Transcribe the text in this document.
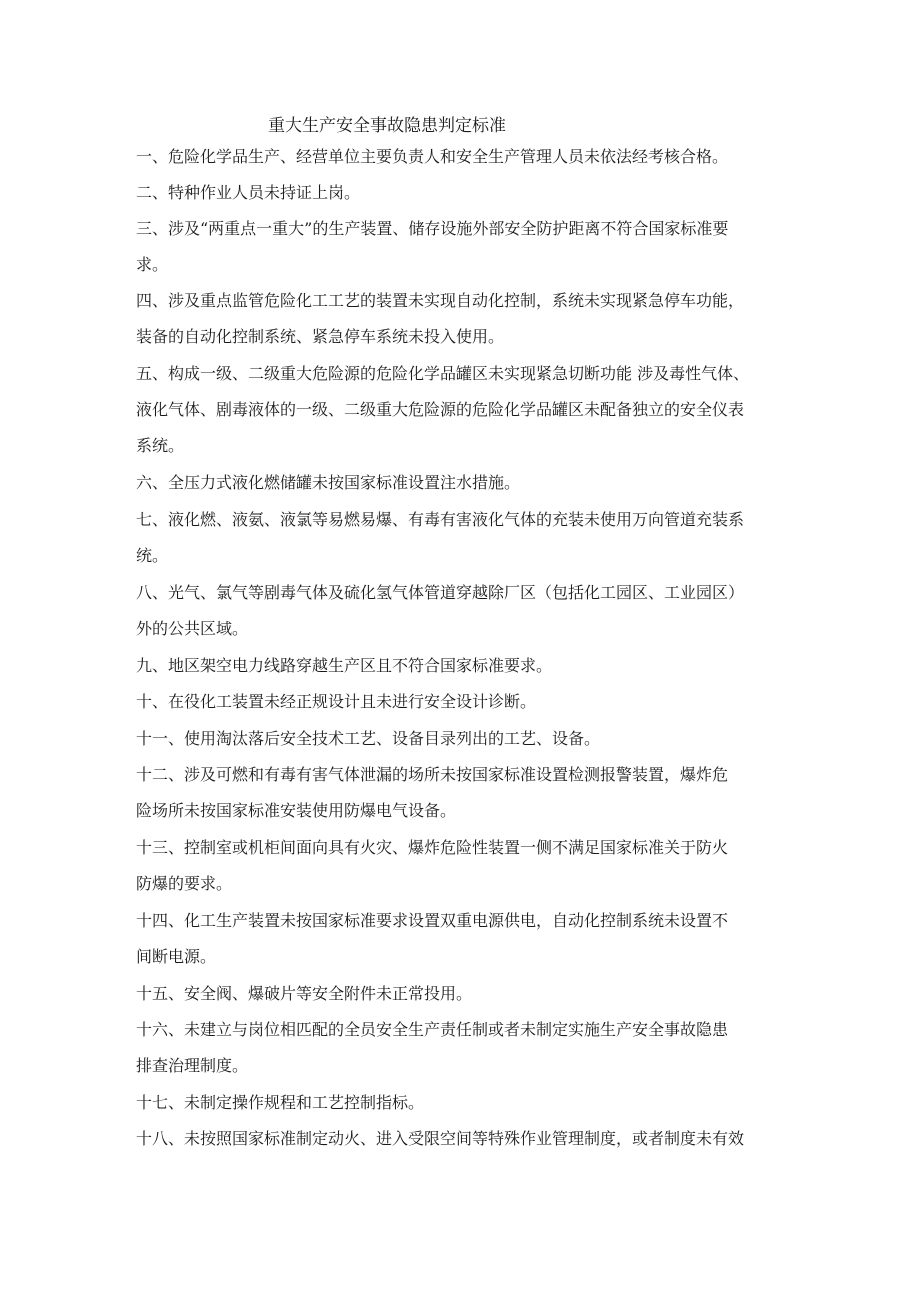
重大生产安全事故隐患判定标准
一、危险化学品生产、经营单位主要负责人和安全生产管理人员未依法经考核合格。
二、特种作业人员未持证上岗。
三、涉及“两重点一重大”的生产装置、储存设施外部安全防护距离不符合国家标准要
求。
四、涉及重点监管危险化工工艺的装置未实现自动化控制，系统未实现紧急停车功能，
装备的自动化控制系统、紧急停车系统未投入使用。
五、构成一级、二级重大危险源的危险化学品罐区未实现紧急切断功能 涉及毒性气体、
液化气体、剧毒液体的一级、二级重大危险源的危险化学品罐区未配备独立的安全仪表
系统。
六、全压力式液化燃储罐未按国家标准设置注水措施。
七、液化燃、液氨、液氯等易燃易爆、有毒有害液化气体的充装未使用万向管道充装系
统。
八、光气、氯气等剧毒气体及硫化氢气体管道穿越除厂区（包括化工园区、工业园区）
外的公共区域。
九、地区架空电力线路穿越生产区且不符合国家标准要求。
十、在役化工装置未经正规设计且未进行安全设计诊断。
十一、使用淘汰落后安全技术工艺、设备目录列出的工艺、设备。
十二、涉及可燃和有毒有害气体泄漏的场所未按国家标准设置检测报警装置，爆炸危
险场所未按国家标准安装使用防爆电气设备。
十三、控制室或机柜间面向具有火灾、爆炸危险性装置一侧不满足国家标准关于防火
防爆的要求。
十四、化工生产装置未按国家标准要求设置双重电源供电，自动化控制系统未设置不
间断电源。
十五、安全阀、爆破片等安全附件未正常投用。
十六、未建立与岗位相匹配的全员安全生产责任制或者未制定实施生产安全事故隐患
排查治理制度。
十七、未制定操作规程和工艺控制指标。
十八、未按照国家标准制定动火、进入受限空间等特殊作业管理制度，或者制度未有效
